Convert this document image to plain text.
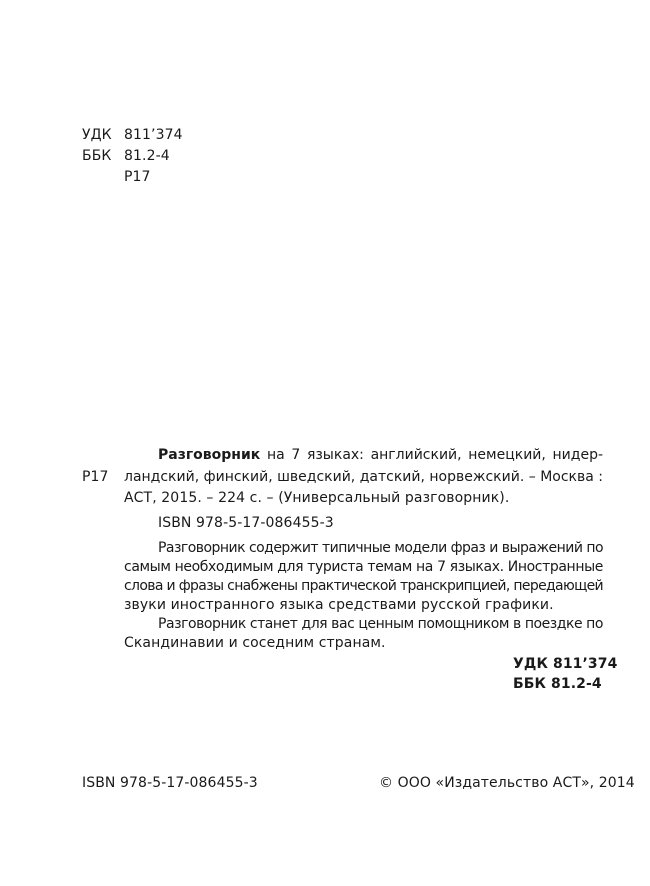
УДК 811’374
ББК 81.2-4
Р17
Разговорник на 7 языках: английский, немецкий, нидер-
Р17 ландский, финский, шведский, датский, норвежский. – Москва :
АСТ, 2015. – 224 с. – (Универсальный разговорник).
ISBN 978-5-17-086455-3
Разговорник содержит типичные модели фраз и выражений по
самым необходимым для туриста темам на 7 языках. Иностранные
слова и фразы снабжены практической транскрипцией, передающей
звуки иностранного языка средствами русской графики.
Разговорник станет для вас ценным помощником в поездке по
Скандинавии и соседним странам.
УДК 811’374
ББК 81.2-4
ISBN 978-5-17-086455-3	© ООО «Издательство АСТ», 2014
